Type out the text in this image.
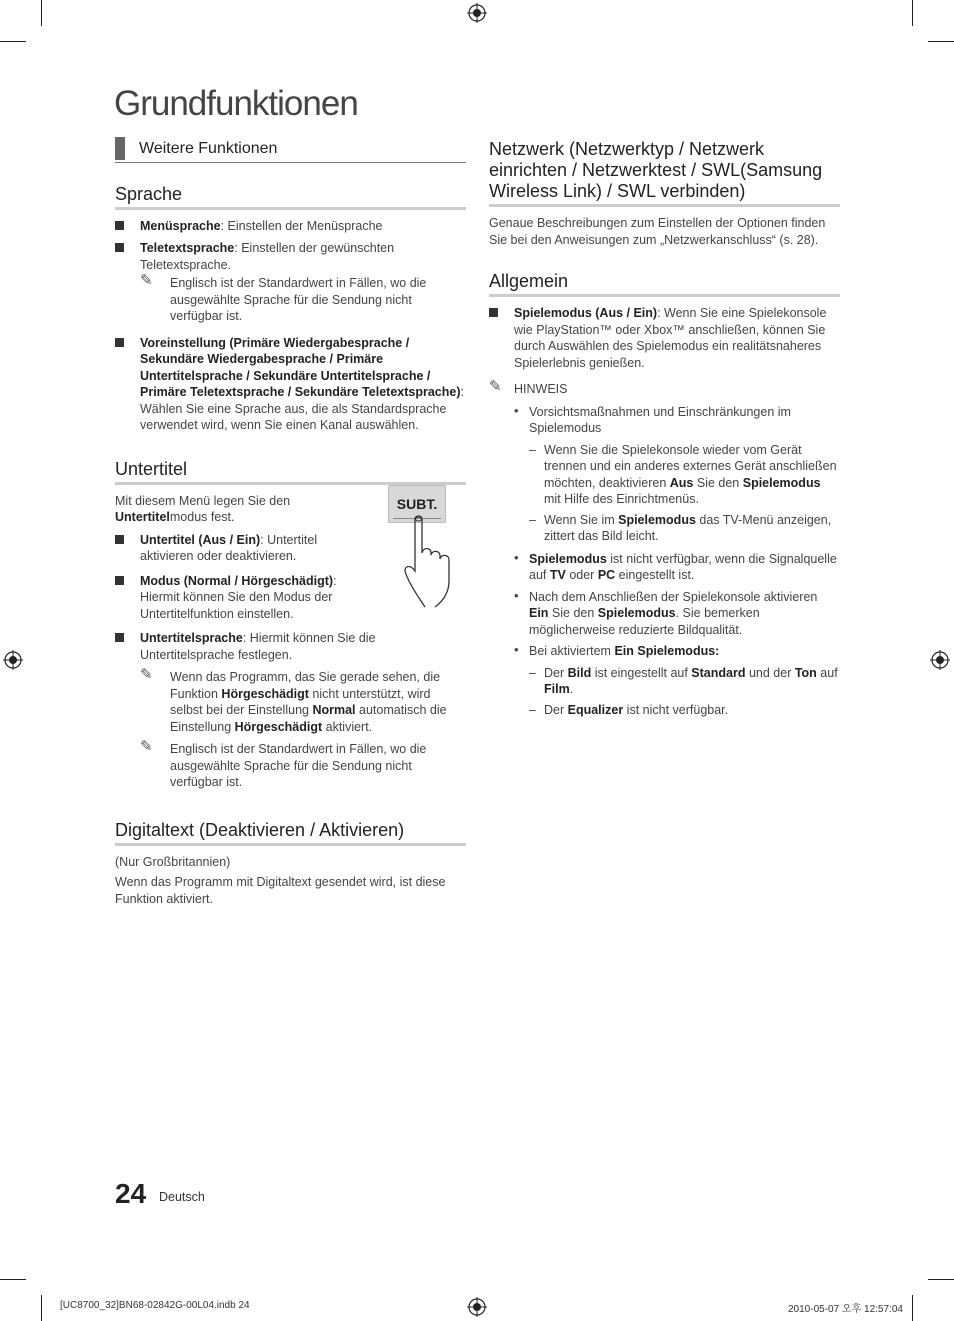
Grundfunktionen
Weitere Funktionen
Sprache
Menüsprache: Einstellen der Menüsprache
Teletextsprache: Einstellen der gewünschten Teletextsprache.
✎ Englisch ist der Standardwert in Fällen, wo die ausgewählte Sprache für die Sendung nicht verfügbar ist.
Voreinstellung (Primäre Wiedergabesprache / Sekundäre Wiedergabesprache / Primäre Untertitelsprache / Sekundäre Untertitelsprache / Primäre Teletextsprache / Sekundäre Teletextsprache): Wählen Sie eine Sprache aus, die als Standardsprache verwendet wird, wenn Sie einen Kanal auswählen.
Untertitel
Mit diesem Menü legen Sie den Untertitelmodus fest.
Untertitel (Aus / Ein): Untertitel aktivieren oder deaktivieren.
Modus (Normal / Hörgeschädigt): Hiermit können Sie den Modus der Untertitelfunktion einstellen.
SUBT.
Untertitelsprache: Hiermit können Sie die Untertitelsprache festlegen.
✎ Wenn das Programm, das Sie gerade sehen, die Funktion Hörgeschädigt nicht unterstützt, wird selbst bei der Einstellung Normal automatisch die Einstellung Hörgeschädigt aktiviert.
✎ Englisch ist der Standardwert in Fällen, wo die ausgewählte Sprache für die Sendung nicht verfügbar ist.
Digitaltext (Deaktivieren / Aktivieren)
(Nur Großbritannien)
Wenn das Programm mit Digitaltext gesendet wird, ist diese Funktion aktiviert.
Netzwerk (Netzwerktyp / Netzwerk einrichten / Netzwerktest / SWL(Samsung Wireless Link) / SWL verbinden)
Genaue Beschreibungen zum Einstellen der Optionen finden Sie bei den Anweisungen zum „Netzwerkanschluss“ (s. 28).
Allgemein
Spielemodus (Aus / Ein): Wenn Sie eine Spielekonsole wie PlayStation™ oder Xbox™ anschließen, können Sie durch Auswählen des Spielemodus ein realitätsnaheres Spielerlebnis genießen.
✎ HINWEIS
• Vorsichtsmaßnahmen und Einschränkungen im Spielemodus
– Wenn Sie die Spielekonsole wieder vom Gerät trennen und ein anderes externes Gerät anschließen möchten, deaktivieren Aus Sie den Spielemodus mit Hilfe des Einrichtmenüs.
– Wenn Sie im Spielemodus das TV-Menü anzeigen, zittert das Bild leicht.
• Spielemodus ist nicht verfügbar, wenn die Signalquelle auf TV oder PC eingestellt ist.
• Nach dem Anschließen der Spielekonsole aktivieren Ein Sie den Spielemodus. Sie bemerken möglicherweise reduzierte Bildqualität.
• Bei aktiviertem Ein Spielemodus:
– Der Bild ist eingestellt auf Standard und der Ton auf Film.
– Der Equalizer ist nicht verfügbar.
24 Deutsch
[UC8700_32]BN68-02842G-00L04.indb 24	2010-05-07 오후 12:57:04
